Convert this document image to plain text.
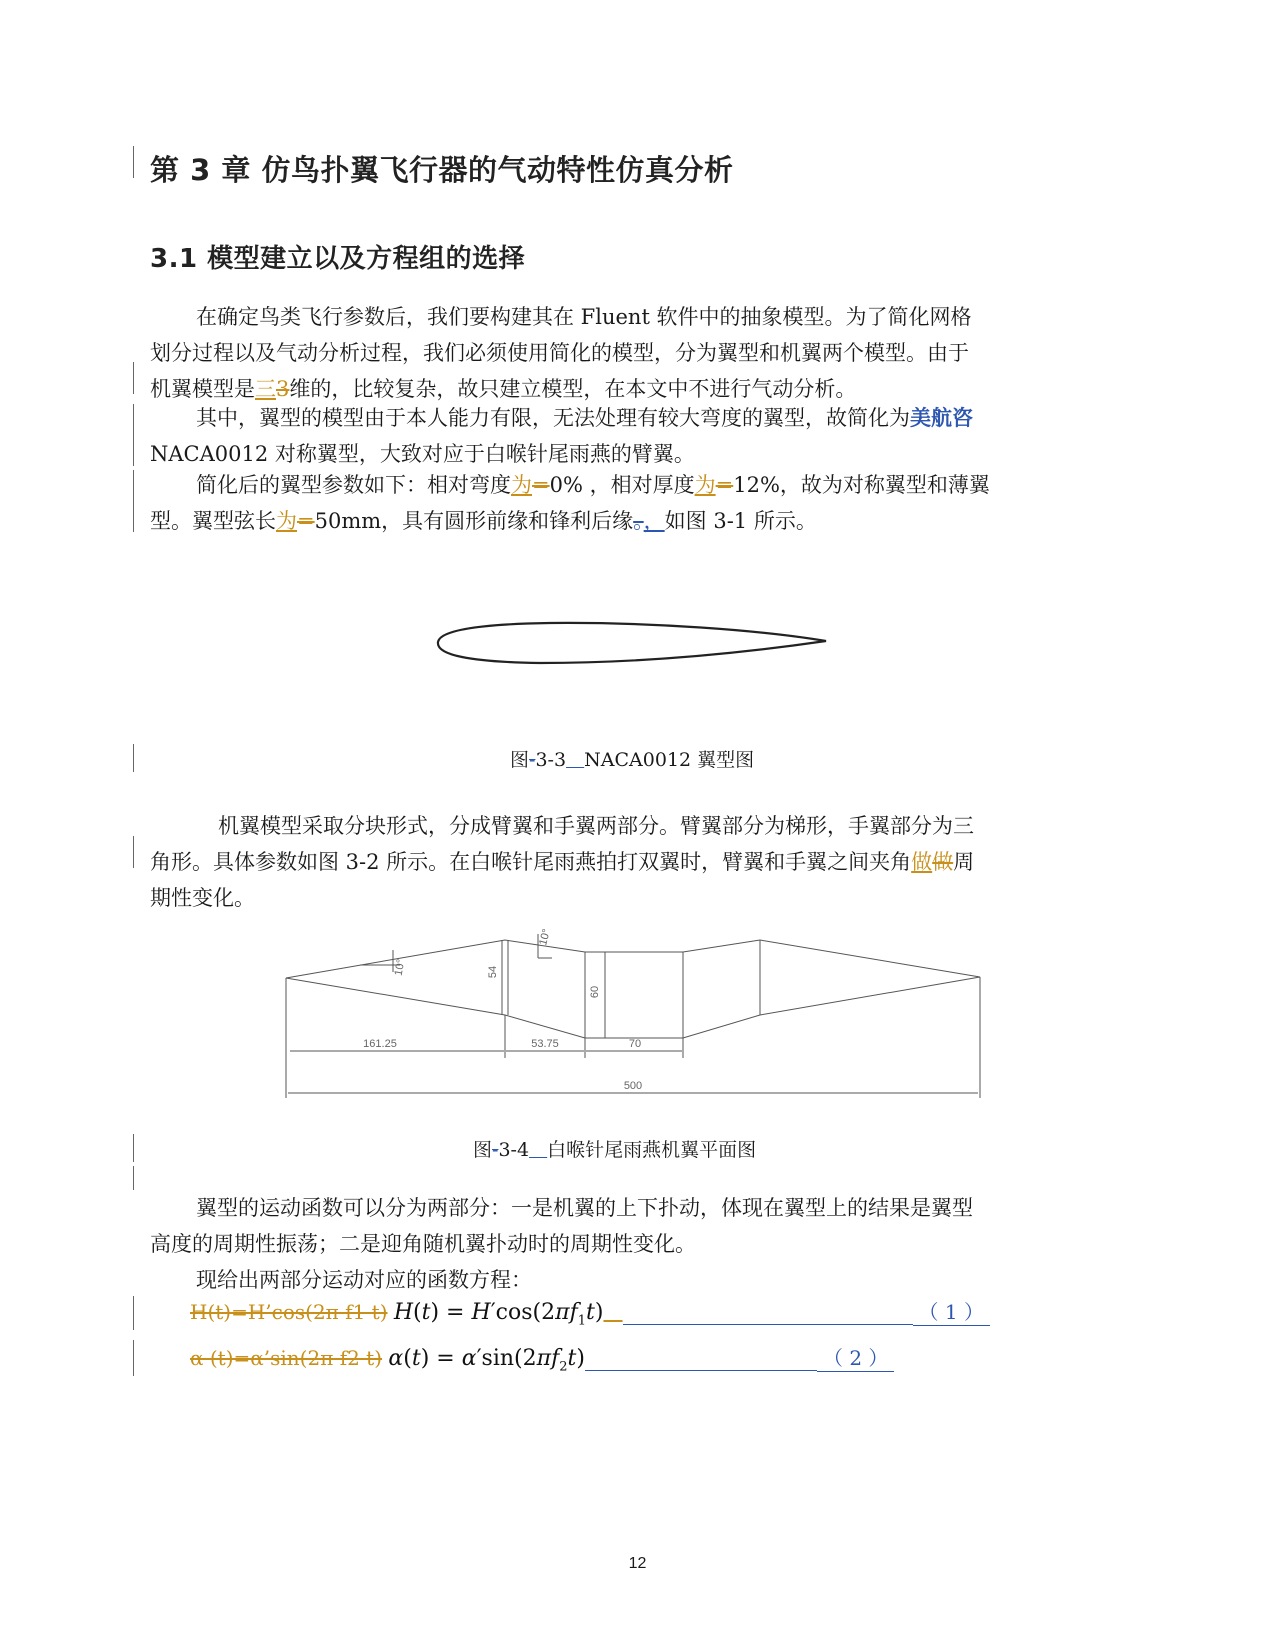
第 3 章 仿鸟扑翼飞行器的气动特性仿真分析
3.1 模型建立以及方程组的选择
在确定鸟类飞行参数后，我们要构建其在 Fluent 软件中的抽象模型。为了简化网格
划分过程以及气动分析过程，我们必须使用简化的模型，分为翼型和机翼两个模型。由于
机翼模型是三3维的，比较复杂，故只建立模型，在本文中不进行气动分析。
其中，翼型的模型由于本人能力有限，无法处理有较大弯度的翼型，故简化为美航咨
NACA0012 对称翼型，大致对应于白喉针尾雨燕的臂翼。
简化后的翼型参数如下：相对弯度为=0% ，相对厚度为=12%，故为对称翼型和薄翼
型。翼型弦长为=50mm，具有圆形前缘和锋利后缘。，如图 3-1 所示。
图-3-3 NACA0012 翼型图
机翼模型采取分块形式，分成臂翼和手翼两部分。臂翼部分为梯形，手翼部分为三
角形。具体参数如图 3-2 所示。在白喉针尾雨燕拍打双翼时，臂翼和手翼之间夹角做做周
期性变化。
161.25	53.75	70
500
54
60
10°
10°
图-3-4 白喉针尾雨燕机翼平面图
翼型的运动函数可以分为两部分：一是机翼的上下扑动，体现在翼型上的结果是翼型
高度的周期性振荡；二是迎角随机翼扑动时的周期性变化。
现给出两部分运动对应的函数方程：
H(t)=H’cos(2π f1 t) $H(t) = H'\cos(2\pi f_1t)$	（ 1 ）
α (t)=α’sin(2π f2 t) $\alpha(t) = \alpha'\sin(2\pi f_2t)$	（ 2 ）
12
